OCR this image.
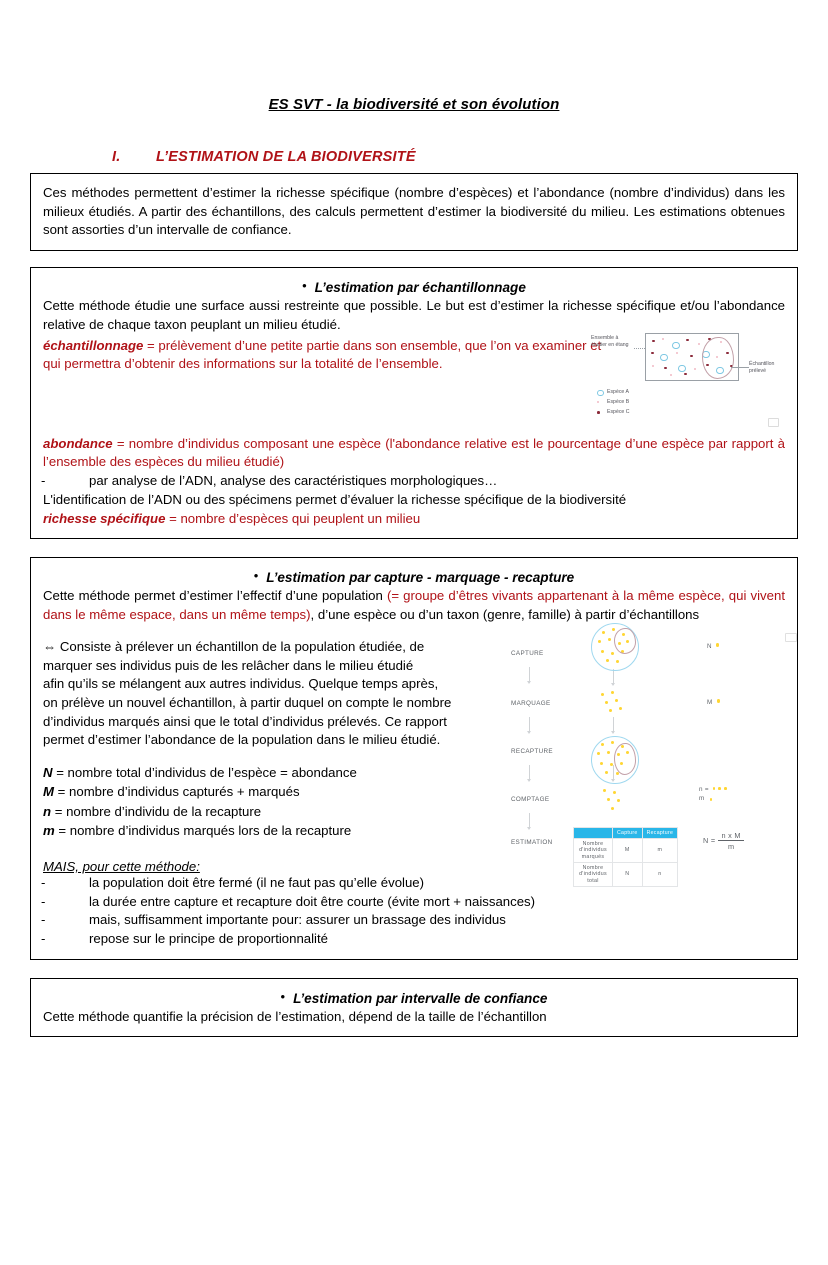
ES SVT - la biodiversité et son évolution
I. L’ESTIMATION DE LA BIODIVERSITÉ

Ces méthodes permettent d’estimer la richesse spécifique (nombre d’espèces) et l’abondance (nombre d’individus) dans les milieux étudiés. A partir des échantillons, des calculs permettent d’estimer la biodiversité du milieu. Les estimations obtenues sont assorties d’un intervalle de confiance.

• L’estimation par échantillonnage

Cette méthode étudie une surface aussi restreinte que possible. Le but est d’estimer la richesse spécifique et/ou l’abondance relative de chaque taxon peuplant un milieu étudié.

Ensemble à étudier en étang
Échantillon prélevé
Espèce A
Espèce B
Espèce C

échantillonnage = prélèvement d’une petite partie dans son ensemble, que l’on va examiner et qui permettra d’obtenir des informations sur la totalité de l’ensemble.

abondance = nombre d’individus composant une espèce (l'abondance relative est le pourcentage d’une espèce par rapport à l’ensemble des espèces du milieu étudié)

-	par analyse de l’ADN, analyse des caractéristiques morphologiques…

L'identification de l’ADN ou des spécimens permet d’évaluer la richesse spécifique de la biodiversité

richesse spécifique = nombre d’espèces qui peuplent un milieu

• L’estimation par capture - marquage - recapture

Cette méthode permet d’estimer l’effectif d’une population (= groupe d’êtres vivants appartenant à la même espèce, qui vivent dans le même espace, dans un même temps), d’une espèce ou d’un taxon (genre, famille) à partir d’échantillons

⇔ Consiste à prélever un échantillon de la population étudiée, de

marquer ses individus puis de les relâcher dans le milieu étudié

afin qu’ils se mélangent aux autres individus. Quelque temps après,

on prélève un nouvel échantillon, à partir duquel on compte le nombre

d’individus marqués ainsi que le total d’individus prélevés. Ce rapport

permet d’estimer l’abondance de la population dans le milieu étudié.

N = nombre total d’individus de l’espèce = abondance
M = nombre d’individus capturés + marqués
n = nombre d’individu de la recapture
m = nombre d’individus marqués lors de la recapture
CAPTURE
MARQUAGE
RECAPTURE
COMPTAGE
ESTIMATION
N
M
n =
m
	Capture	Recapture
Nombre d'individus marqués	M	m
Nombre d'individus total	N	n
$N = \frac{\text{n x M}}{m}$
MAIS, pour cette méthode:
-	la population doit être fermé (il ne faut pas qu’elle évolue)
-	la durée entre capture et recapture doit être courte (évite mort + naissances)
-	mais, suffisamment importante pour: assurer un brassage des individus
-	repose sur le principe de proportionnalité
• L’estimation par intervalle de confiance

Cette méthode quantifie la précision de l’estimation, dépend de la taille de l’échantillon
